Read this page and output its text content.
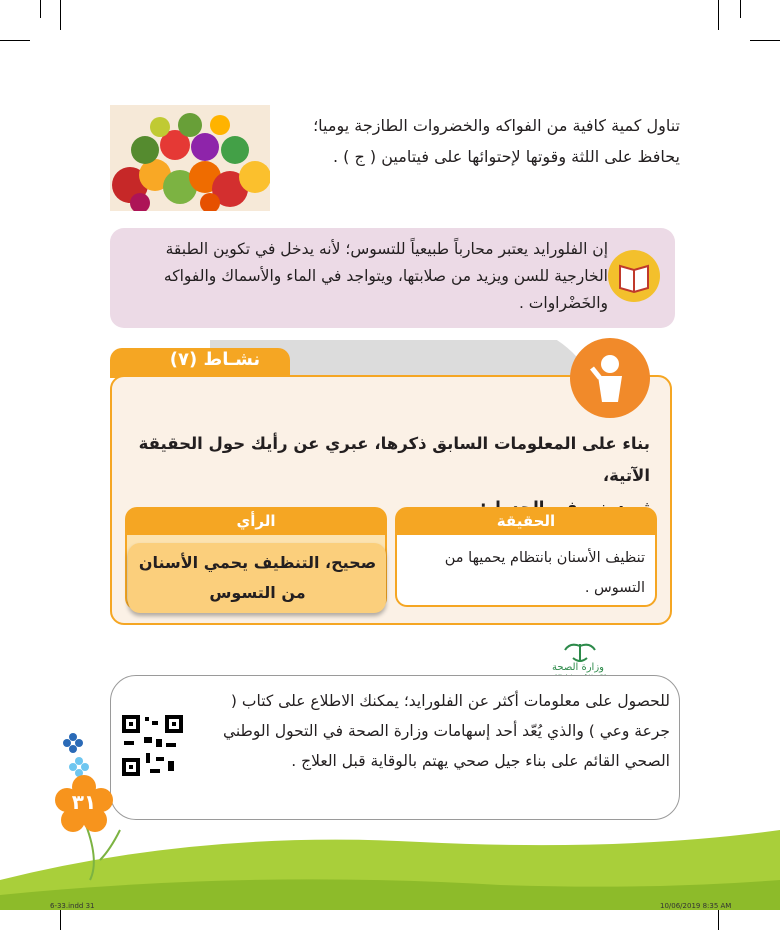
تناول كمية كافية من الفواكه والخضروات الطازجة يوميا؛
يحافظ على اللثة وقوتها لإحتوائها على فيتامين ( ج ) .
إن الفلورايد يعتبر محارباً طبيعياً للتسوس؛ لأنه يدخل في تكوين الطبقة الخارجية للسن ويزيد من صلابتها، ويتواجد في الماء والأسماك والفواكه والخَضْراوات .
نشـاط (٧)
بناء على المعلومات السابق ذكرها، عبري عن رأيك حول الحقيقة الآتية،
الحقيقة
تنظيف الأسنان بانتظام يحميها من التسوس .
الرأي
صحيح، التنظيف يحمي الأسنان من التسوس
وزارة الصحة
للحصول على معلومات أكثر عن الفلورايد؛ يمكنك الاطلاع على كتاب ( جرعة وعي ) والذي يُعّد أحد إسهامات وزارة الصحة في التحول الوطني الصحي القائم على بناء جيل صحي يهتم بالوقاية قبل العلاج .
٣١
6-33.indd 31	10/06/2019 8:35 AM
